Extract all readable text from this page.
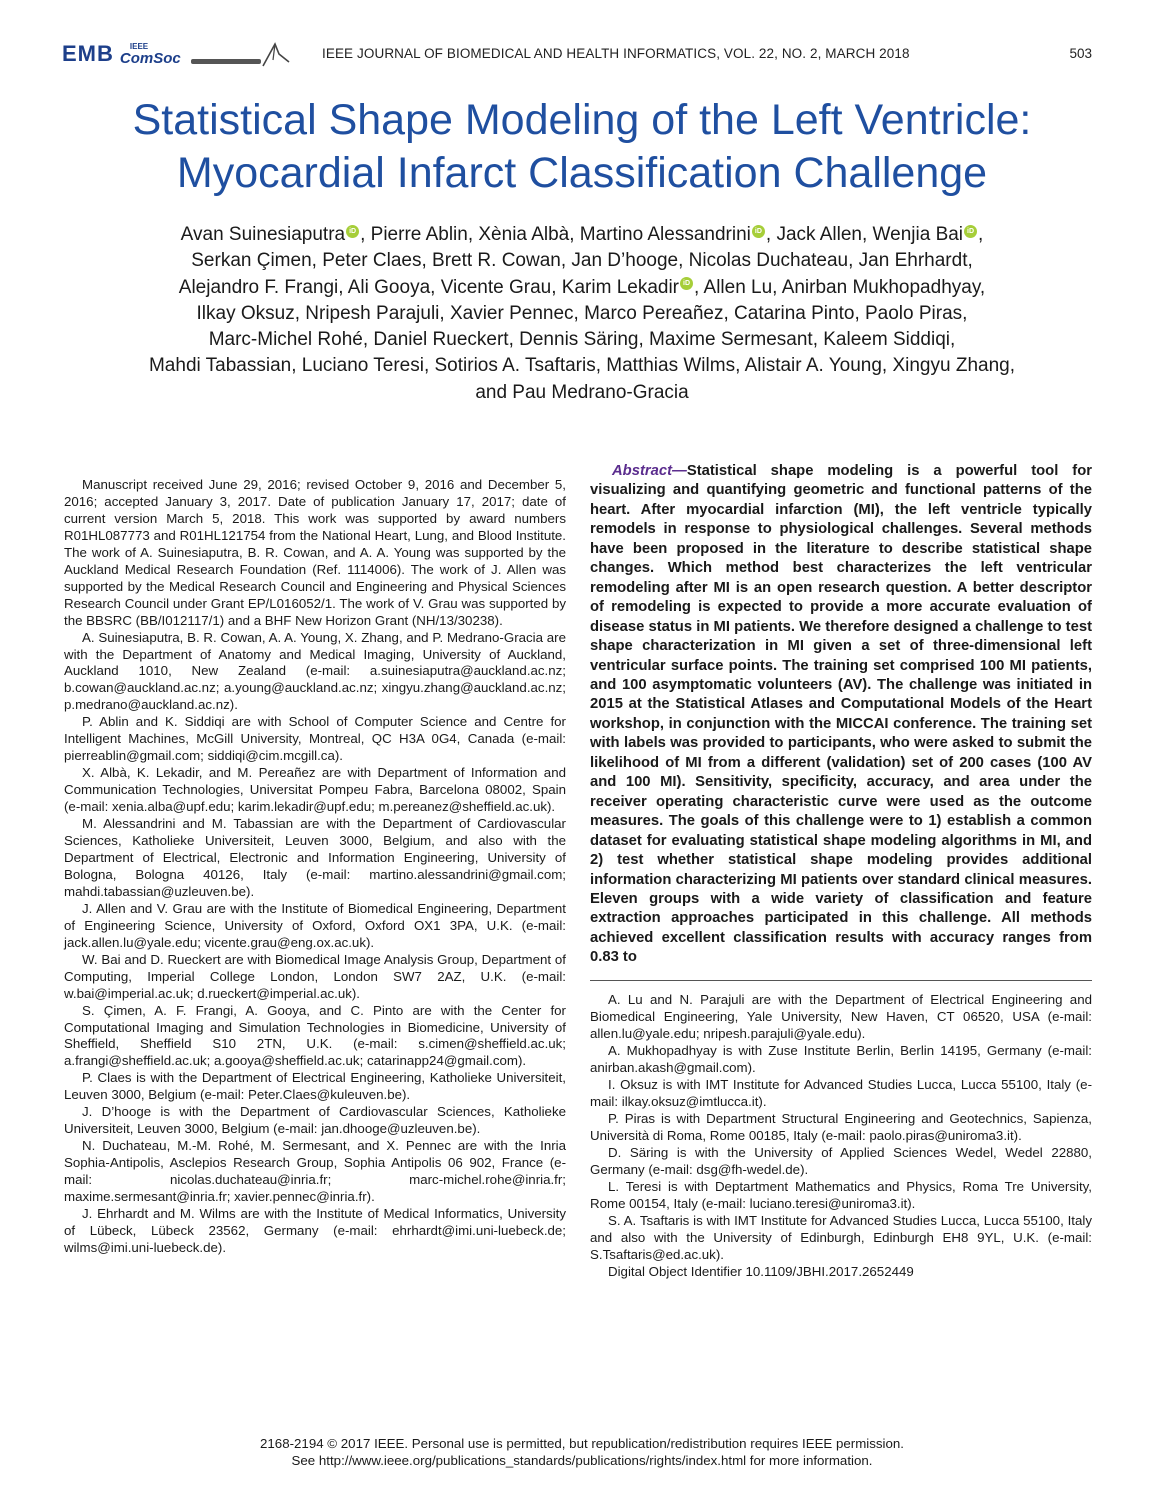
EMB	IEEE
ComSoc	IEEE JOURNAL OF BIOMEDICAL AND HEALTH INFORMATICS, VOL. 22, NO. 2, MARCH 2018	503
Statistical Shape Modeling of the Left Ventricle:
Myocardial Infarct Classification Challenge
Avan Suinesiaputra iD , Pierre Ablin, Xènia Albà, Martino Alessandrini iD , Jack Allen, Wenjia Bai iD ,
Serkan Çimen, Peter Claes, Brett R. Cowan, Jan D’hooge, Nicolas Duchateau, Jan Ehrhardt,
Alejandro F. Frangi, Ali Gooya, Vicente Grau, Karim Lekadir iD , Allen Lu, Anirban Mukhopadhyay,
Ilkay Oksuz, Nripesh Parajuli, Xavier Pennec, Marco Pereañez, Catarina Pinto, Paolo Piras,
Marc-Michel Rohé, Daniel Rueckert, Dennis Säring, Maxime Sermesant, Kaleem Siddiqi,
Mahdi Tabassian, Luciano Teresi, Sotirios A. Tsaftaris, Matthias Wilms, Alistair A. Young, Xingyu Zhang,
and Pau Medrano-Gracia

Manuscript received June 29, 2016; revised October 9, 2016 and December 5, 2016; accepted January 3, 2017. Date of publication January 17, 2017; date of current version March 5, 2018. This work was supported by award numbers R01HL087773 and R01HL121754 from the National Heart, Lung, and Blood Institute. The work of A. Suinesiaputra, B. R. Cowan, and A. A. Young was supported by the Auckland Medical Research Foundation (Ref. 1114006). The work of J. Allen was supported by the Medical Research Council and Engineering and Physical Sciences Research Council under Grant EP/L016052/1. The work of V. Grau was supported by the BBSRC (BB/I012117/1) and a BHF New Horizon Grant (NH/13/30238).

A. Suinesiaputra, B. R. Cowan, A. A. Young, X. Zhang, and P. Medrano-Gracia are with the Department of Anatomy and Medical Imaging, University of Auckland, Auckland 1010, New Zealand (e-mail: a.suinesiaputra@auckland.ac.nz; b.cowan@auckland.ac.nz; a.young@auckland.ac.nz; xingyu.zhang@auckland.ac.nz; p.medrano@auckland.ac.nz).

P. Ablin and K. Siddiqi are with School of Computer Science and Centre for Intelligent Machines, McGill University, Montreal, QC H3A 0G4, Canada (e-mail: pierreablin@gmail.com; siddiqi@cim.mcgill.ca).

X. Albà, K. Lekadir, and M. Pereañez are with Department of Information and Communication Technologies, Universitat Pompeu Fabra, Barcelona 08002, Spain (e-mail: xenia.alba@upf.edu; karim.lekadir@upf.edu; m.pereanez@sheffield.ac.uk).

M. Alessandrini and M. Tabassian are with the Department of Cardiovascular Sciences, Katholieke Universiteit, Leuven 3000, Belgium, and also with the Department of Electrical, Electronic and Information Engineering, University of Bologna, Bologna 40126, Italy (e-mail: martino.alessandrini@gmail.com; mahdi.tabassian@uzleuven.be).

J. Allen and V. Grau are with the Institute of Biomedical Engineering, Department of Engineering Science, University of Oxford, Oxford OX1 3PA, U.K. (e-mail: jack.allen.lu@yale.edu; vicente.grau@eng.ox.ac.uk).

W. Bai and D. Rueckert are with Biomedical Image Analysis Group, Department of Computing, Imperial College London, London SW7 2AZ, U.K. (e-mail: w.bai@imperial.ac.uk; d.rueckert@imperial.ac.uk).

S. Çimen, A. F. Frangi, A. Gooya, and C. Pinto are with the Center for Computational Imaging and Simulation Technologies in Biomedicine, University of Sheffield, Sheffield S10 2TN, U.K. (e-mail: s.cimen@sheffield.ac.uk; a.frangi@sheffield.ac.uk; a.gooya@sheffield.ac.uk; catarinapp24@gmail.com).

P. Claes is with the Department of Electrical Engineering, Katholieke Universiteit, Leuven 3000, Belgium (e-mail: Peter.Claes@kuleuven.be).

J. D’hooge is with the Department of Cardiovascular Sciences, Katholieke Universiteit, Leuven 3000, Belgium (e-mail: jan.dhooge@uzleuven.be).

N. Duchateau, M.-M. Rohé, M. Sermesant, and X. Pennec are with the Inria Sophia-Antipolis, Asclepios Research Group, Sophia Antipolis 06 902, France (e-mail: nicolas.duchateau@inria.fr; marc-michel.rohe@inria.fr; maxime.sermesant@inria.fr; xavier.pennec@inria.fr).

J. Ehrhardt and M. Wilms are with the Institute of Medical Informatics, University of Lübeck, Lübeck 23562, Germany (e-mail: ehrhardt@imi.uni-luebeck.de; wilms@imi.uni-luebeck.de).

Abstract—Statistical shape modeling is a powerful tool for visualizing and quantifying geometric and functional patterns of the heart. After myocardial infarction (MI), the left ventricle typically remodels in response to physiological challenges. Several methods have been proposed in the literature to describe statistical shape changes. Which method best characterizes the left ventricular remodeling after MI is an open research question. A better descriptor of remodeling is expected to provide a more accurate evaluation of disease status in MI patients. We therefore designed a challenge to test shape characterization in MI given a set of three-dimensional left ventricular surface points. The training set comprised 100 MI patients, and 100 asymptomatic volunteers (AV). The challenge was initiated in 2015 at the Statistical Atlases and Computational Models of the Heart workshop, in conjunction with the MICCAI conference. The training set with labels was provided to participants, who were asked to submit the likelihood of MI from a different (validation) set of 200 cases (100 AV and 100 MI). Sensitivity, specificity, accuracy, and area under the receiver operating characteristic curve were used as the outcome measures. The goals of this challenge were to 1) establish a common dataset for evaluating statistical shape modeling algorithms in MI, and 2) test whether statistical shape modeling provides additional information characterizing MI patients over standard clinical measures. Eleven groups with a wide variety of classification and feature extraction approaches participated in this challenge. All methods achieved excellent classification results with accuracy ranges from 0.83 to

A. Lu and N. Parajuli are with the Department of Electrical Engineering and Biomedical Engineering, Yale University, New Haven, CT 06520, USA (e-mail: allen.lu@yale.edu; nripesh.parajuli@yale.edu).

A. Mukhopadhyay is with Zuse Institute Berlin, Berlin 14195, Germany (e-mail: anirban.akash@gmail.com).

I. Oksuz is with IMT Institute for Advanced Studies Lucca, Lucca 55100, Italy (e-mail: ilkay.oksuz@imtlucca.it).

P. Piras is with Department Structural Engineering and Geotechnics, Sapienza, Università di Roma, Rome 00185, Italy (e-mail: paolo.piras@uniroma3.it).

D. Säring is with the University of Applied Sciences Wedel, Wedel 22880, Germany (e-mail: dsg@fh-wedel.de).

L. Teresi is with Deptartment Mathematics and Physics, Roma Tre University, Rome 00154, Italy (e-mail: luciano.teresi@uniroma3.it).

S. A. Tsaftaris is with IMT Institute for Advanced Studies Lucca, Lucca 55100, Italy and also with the University of Edinburgh, Edinburgh EH8 9YL, U.K. (e-mail: S.Tsaftaris@ed.ac.uk).

Digital Object Identifier 10.1109/JBHI.2017.2652449

2168-2194 © 2017 IEEE. Personal use is permitted, but republication/redistribution requires IEEE permission.
See http://www.ieee.org/publications_standards/publications/rights/index.html for more information.
